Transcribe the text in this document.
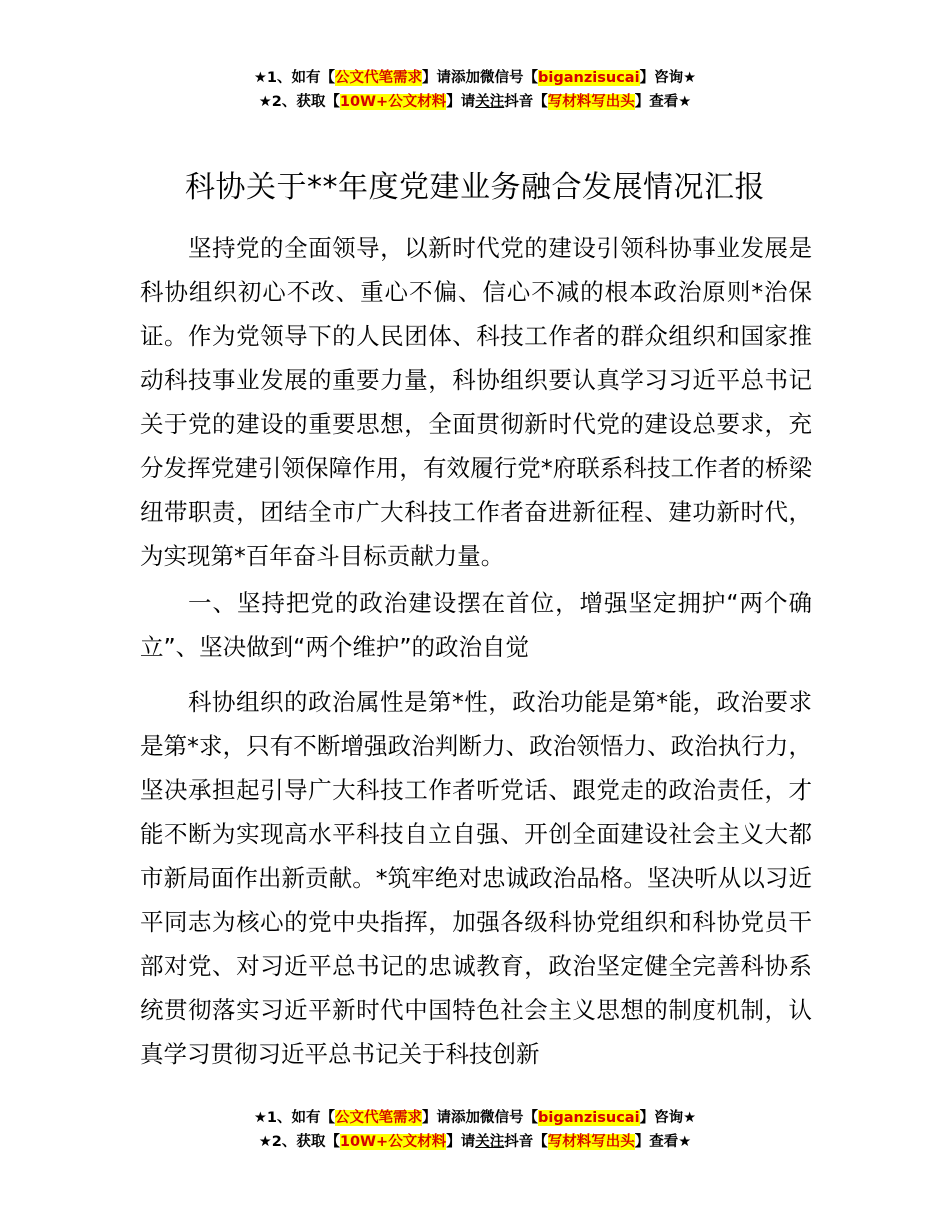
★1、如有【公文代笔需求】请添加微信号【biganzisucai】咨询★
★2、获取【10W+公文材料】请关注抖音【写材料写出头】查看★
科协关于**年度党建业务融合发展情况汇报

坚持党的全面领导，以新时代党的建设引领科协事业发展是科协组织初心不改、重心不偏、信心不减的根本政治原则*治保证。作为党领导下的人民团体、科技工作者的群众组织和国家推动科技事业发展的重要力量，科协组织要认真学习习近平总书记关于党的建设的重要思想，全面贯彻新时代党的建设总要求，充分发挥党建引领保障作用，有效履行党*府联系科技工作者的桥梁纽带职责，团结全市广大科技工作者奋进新征程、建功新时代，为实现第*百年奋斗目标贡献力量。

一、坚持把党的政治建设摆在首位，增强坚定拥护“两个确立”、坚决做到“两个维护”的政治自觉

科协组织的政治属性是第*性，政治功能是第*能，政治要求是第*求，只有不断增强政治判断力、政治领悟力、政治执行力，坚决承担起引导广大科技工作者听党话、跟党走的政治责任，才能不断为实现高水平科技自立自强、开创全面建设社会主义大都市新局面作出新贡献。*筑牢绝对忠诚政治品格。坚决听从以习近平同志为核心的党中央指挥，加强各级科协党组织和科协党员干部对党、对习近平总书记的忠诚教育，政治坚定健全完善科协系统贯彻落实习近平新时代中国特色社会主义思想的制度机制，认真学习贯彻习近平总书记关于科技创新

★1、如有【公文代笔需求】请添加微信号【biganzisucai】咨询★
★2、获取【10W+公文材料】请关注抖音【写材料写出头】查看★
